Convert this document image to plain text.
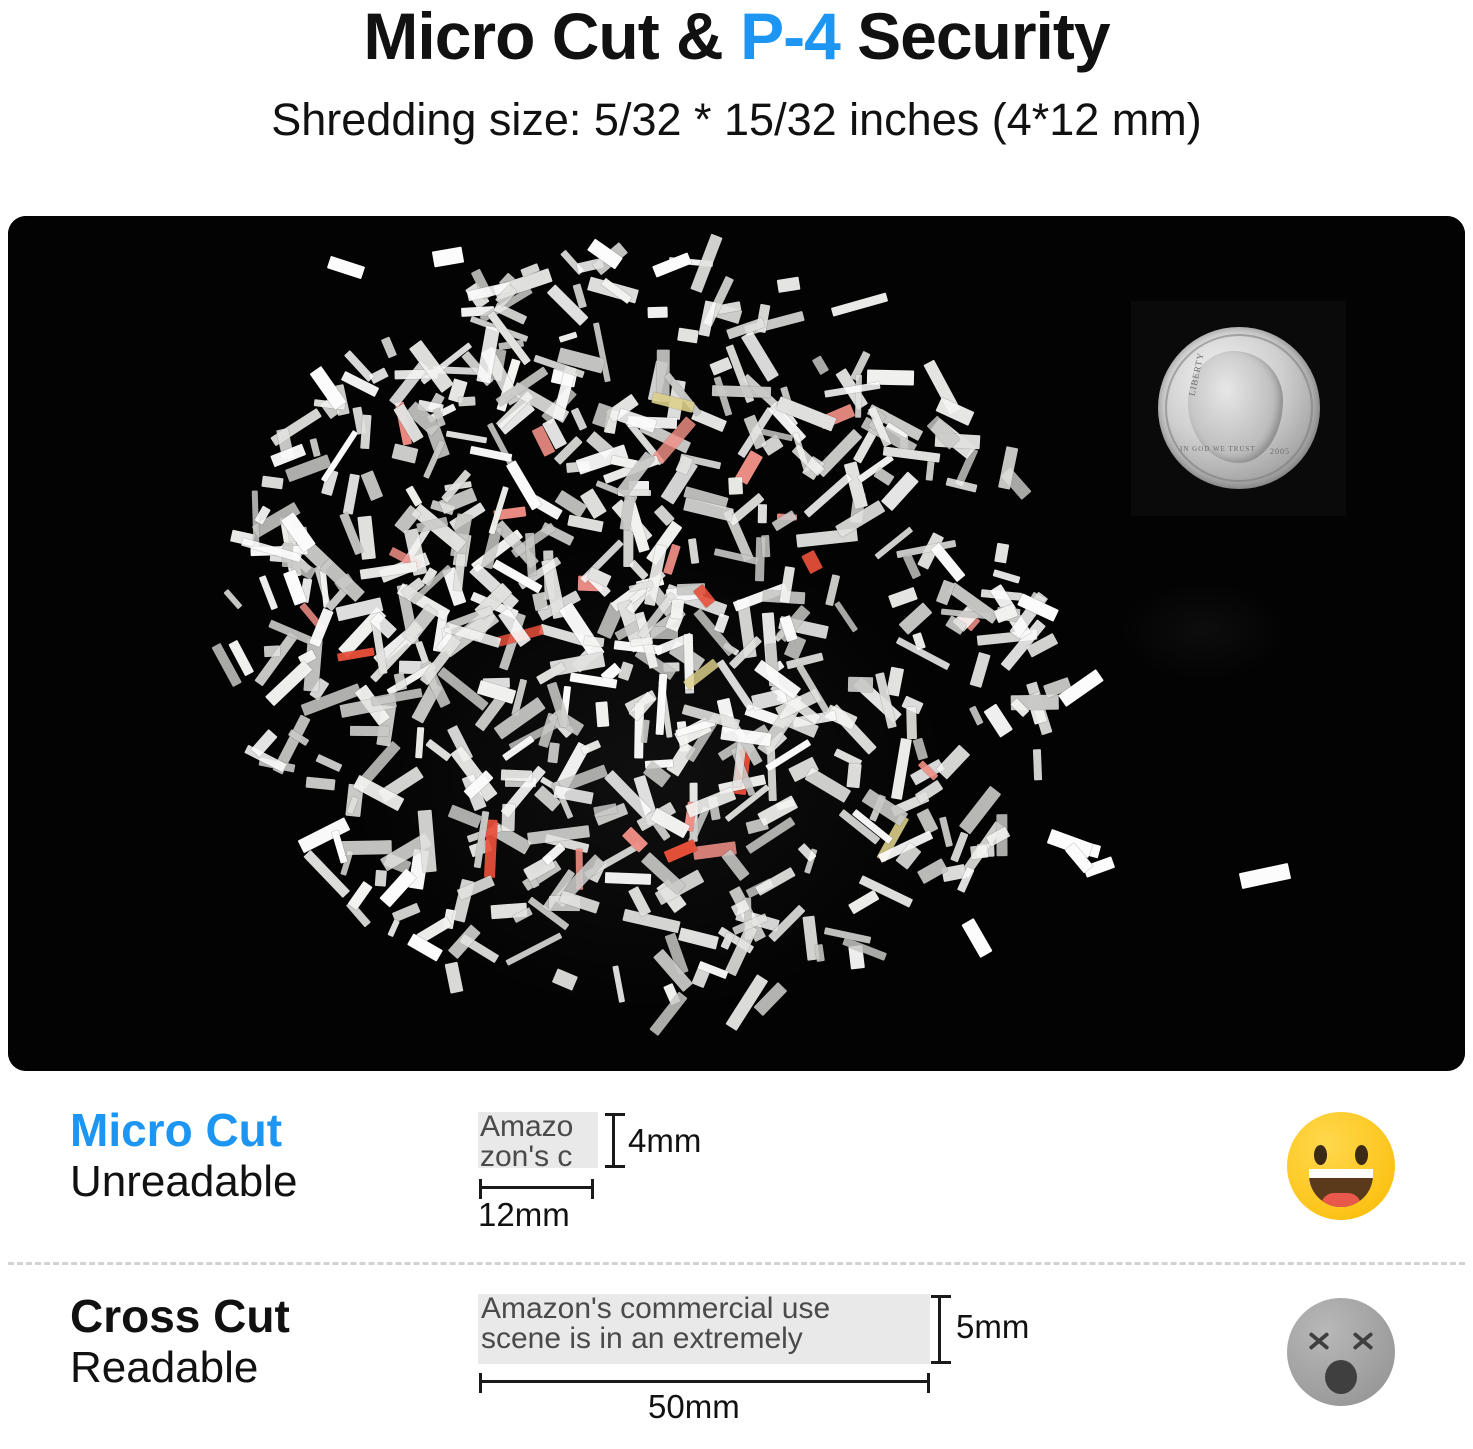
Micro Cut & P-4 Security

Shredding size: 5/32 * 15/32 inches (4*12 mm)

LIBERTY
IN GOD WE TRUST 2005

Micro Cut

Unreadable

Amazo
zon's c	4mm
12mm

Cross Cut

Readable

Amazon's commercial use
scene is in an extremely	5mm
50mm
